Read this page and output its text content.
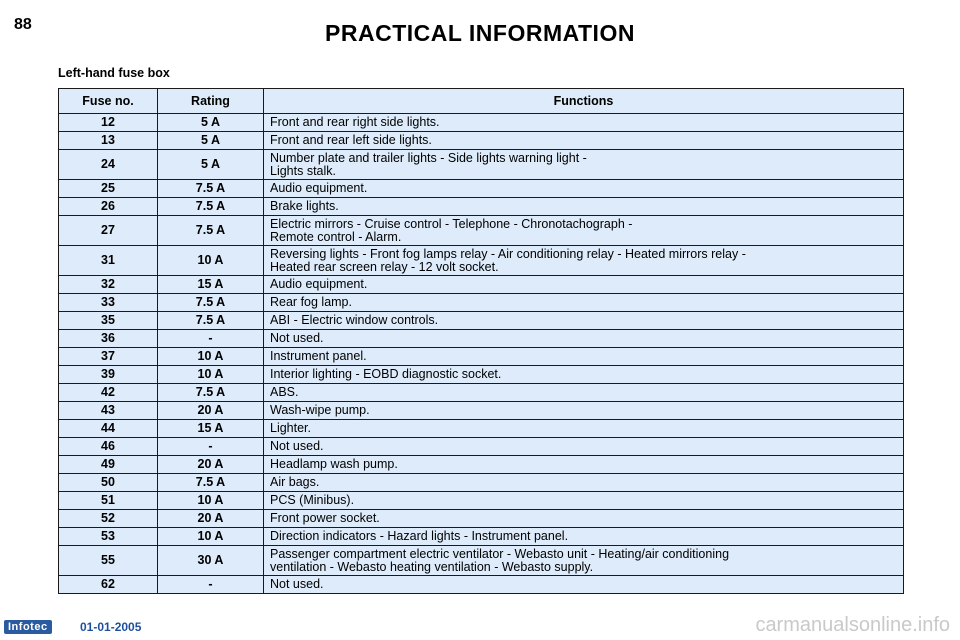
88	PRACTICAL INFORMATION
Left-hand fuse box
Fuse no.	Rating	Functions
12	5 A	Front and rear right side lights.

13	5 A	Front and rear left side lights.

24	5 A	Number plate and trailer lights - Side lights warning light -
Lights stalk.

25	7.5 A	Audio equipment.

26	7.5 A	Brake lights.

27	7.5 A	Electric mirrors - Cruise control - Telephone - Chronotachograph -
Remote control - Alarm.

31	10 A	Reversing lights - Front fog lamps relay - Air conditioning relay - Heated mirrors relay -
Heated rear screen relay - 12 volt socket.

32	15 A	Audio equipment.

33	7.5 A	Rear fog lamp.

35	7.5 A	ABI - Electric window controls.

36	-	Not used.

37	10 A	Instrument panel.

39	10 A	Interior lighting - EOBD diagnostic socket.

42	7.5 A	ABS.

43	20 A	Wash-wipe pump.

44	15 A	Lighter.

46	-	Not used.

49	20 A	Headlamp wash pump.

50	7.5 A	Air bags.

51	10 A	PCS (Minibus).

52	20 A	Front power socket.

53	10 A	Direction indicators - Hazard lights - Instrument panel.

55	30 A	Passenger compartment electric ventilator - Webasto unit - Heating/air conditioning
ventilation - Webasto heating ventilation - Webasto supply.

62	-	Not used.
Infotec	01-01-2005	carmanualsonline.info
